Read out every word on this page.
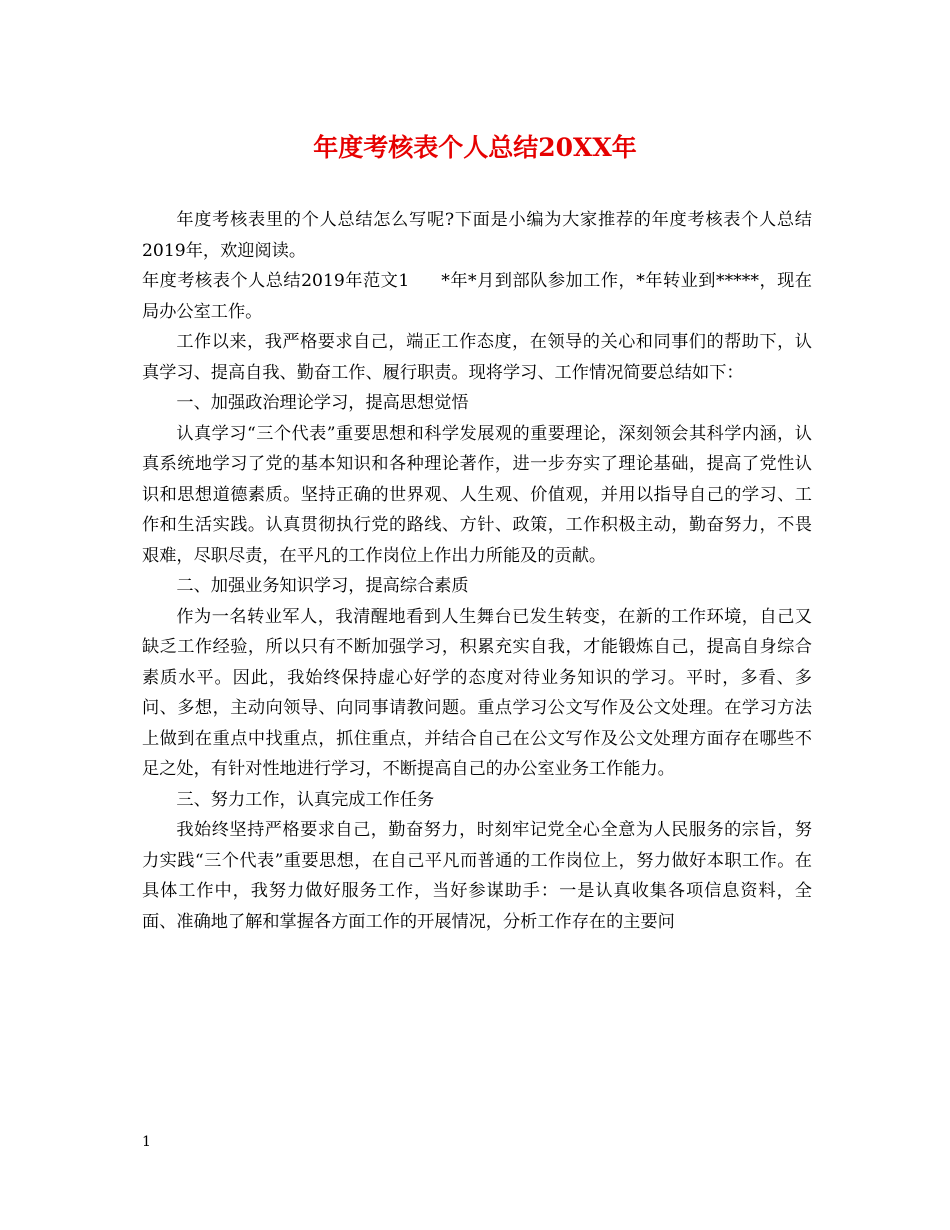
年度考核表个人总结20XX年

年度考核表里的个人总结怎么写呢?下面是小编为大家推荐的年度考核表个人总结2019年，欢迎阅读。

年度考核表个人总结2019年范文1 *年*月到部队参加工作，*年转业到*****，现在局办公室工作。

工作以来，我严格要求自己，端正工作态度，在领导的关心和同事们的帮助下，认真学习、提高自我、勤奋工作、履行职责。现将学习、工作情况简要总结如下：

一、加强政治理论学习，提高思想觉悟

认真学习“三个代表”重要思想和科学发展观的重要理论，深刻领会其科学内涵，认真系统地学习了党的基本知识和各种理论著作，进一步夯实了理论基础，提高了党性认识和思想道德素质。坚持正确的世界观、人生观、价值观，并用以指导自己的学习、工作和生活实践。认真贯彻执行党的路线、方针、政策，工作积极主动，勤奋努力，不畏艰难，尽职尽责，在平凡的工作岗位上作出力所能及的贡献。

二、加强业务知识学习，提高综合素质

作为一名转业军人，我清醒地看到人生舞台已发生转变，在新的工作环境，自己又缺乏工作经验，所以只有不断加强学习，积累充实自我，才能锻炼自己，提高自身综合素质水平。因此，我始终保持虚心好学的态度对待业务知识的学习。平时，多看、多问、多想，主动向领导、向同事请教问题。重点学习公文写作及公文处理。在学习方法上做到在重点中找重点，抓住重点，并结合自己在公文写作及公文处理方面存在哪些不足之处，有针对性地进行学习，不断提高自己的办公室业务工作能力。

三、努力工作，认真完成工作任务

我始终坚持严格要求自己，勤奋努力，时刻牢记党全心全意为人民服务的宗旨，努力实践“三个代表”重要思想，在自己平凡而普通的工作岗位上，努力做好本职工作。在具体工作中，我努力做好服务工作，当好参谋助手：一是认真收集各项信息资料，全面、准确地了解和掌握各方面工作的开展情况，分析工作存在的主要问

1
